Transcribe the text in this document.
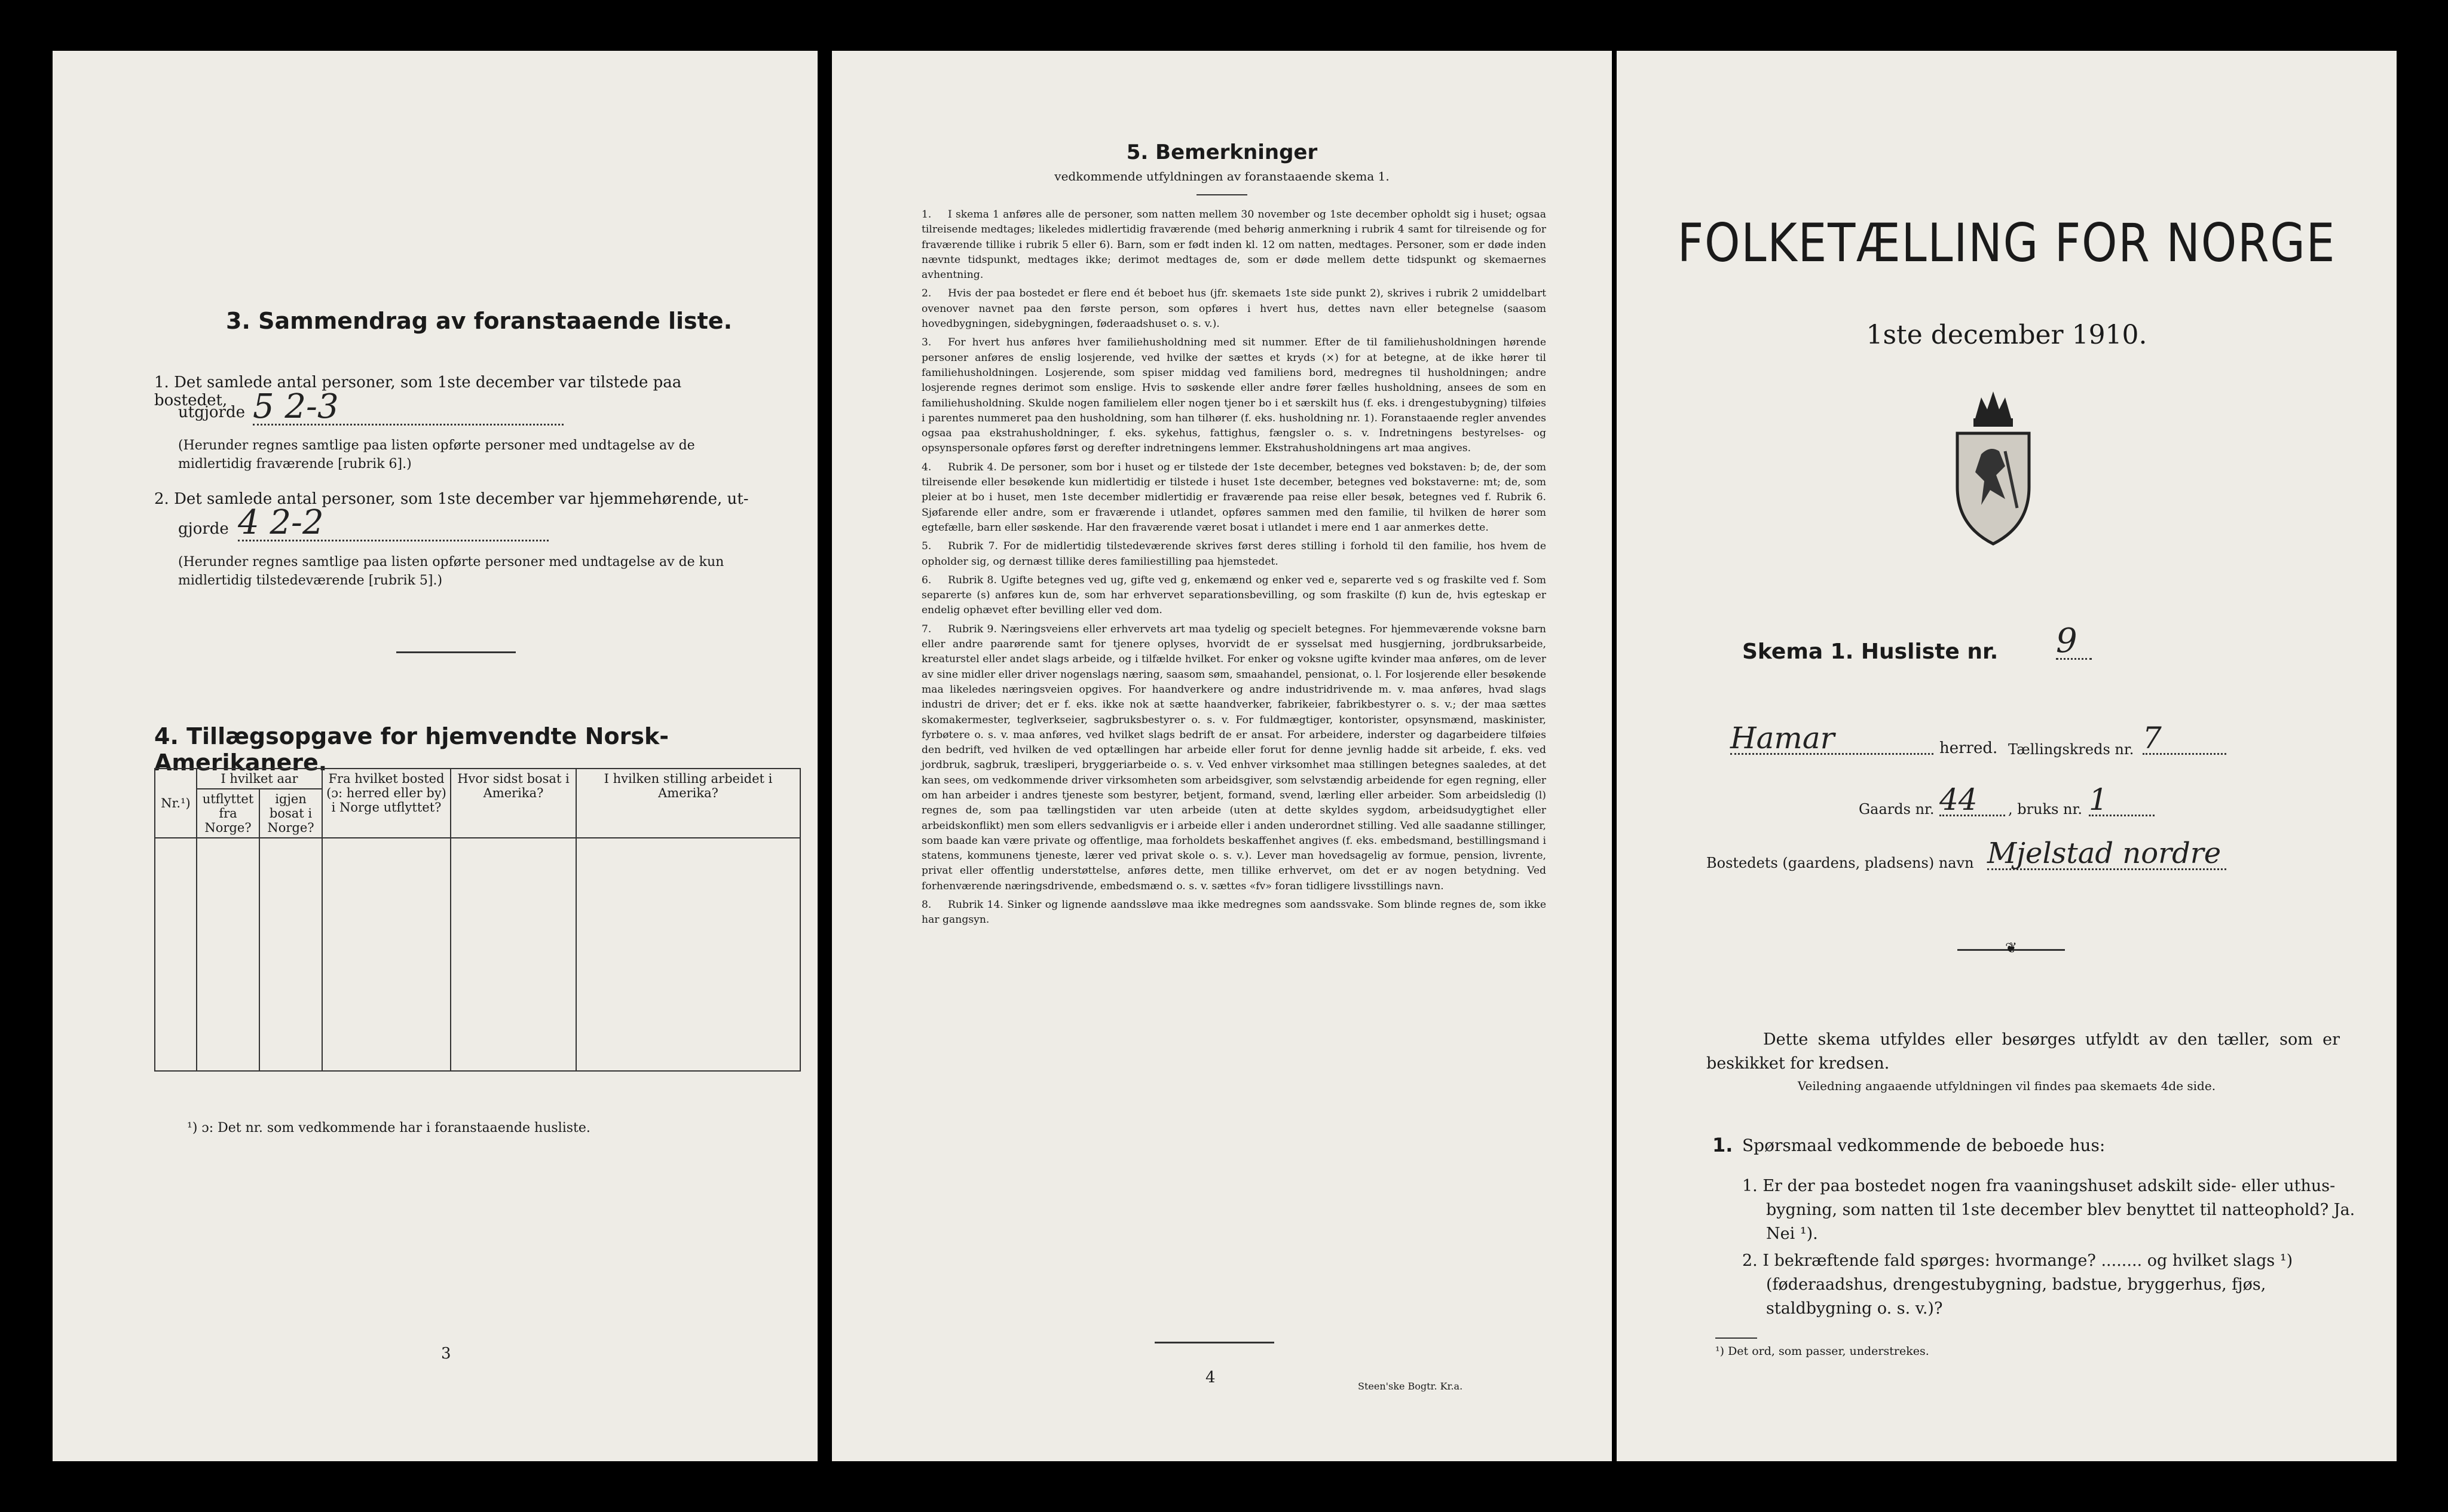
3. Sammendrag av foranstaaende liste.
1. Det samlede antal personer, som 1ste december var tilstede paa bostedet,
utgjorde 5 2-3
(Herunder regnes samtlige paa listen opførte personer med undtagelse av de midlertidig fraværende [rubrik 6].)
2. Det samlede antal personer, som 1ste december var hjemmehørende, ut-
gjorde 4 2-2
(Herunder regnes samtlige paa listen opførte personer med undtagelse av de kun midlertidig tilstedeværende [rubrik 5].)
4. Tillægsopgave for hjemvendte Norsk-Amerikanere.
Nr.¹)	I hvilket aar		Fra hvilket bosted (ɔ: herred eller by) i Norge utflyttet?	Hvor sidst bosat i Amerika?	I hvilken stilling arbeidet i Amerika?
	utflyttet fra Norge?	igjen bosat i Norge?			

¹) ɔ: Det nr. som vedkommende har i foranstaaende husliste.
3
5. Bemerkninger
vedkommende utfyldningen av foranstaaende skema 1.

1. I skema 1 anføres alle de personer, som natten mellem 30 november og 1ste december opholdt sig i huset; ogsaa tilreisende medtages; likeledes midlertidig fraværende (med behørig anmerkning i rubrik 4 samt for tilreisende og for fraværende tillike i rubrik 5 eller 6). Barn, som er født inden kl. 12 om natten, medtages. Personer, som er døde inden nævnte tidspunkt, medtages ikke; derimot medtages de, som er døde mellem dette tidspunkt og skemaernes avhentning.

2. Hvis der paa bostedet er flere end ét beboet hus (jfr. skemaets 1ste side punkt 2), skrives i rubrik 2 umiddelbart ovenover navnet paa den første person, som opføres i hvert hus, dettes navn eller betegnelse (saasom hovedbygningen, sidebygningen, føderaadshuset o. s. v.).

3. For hvert hus anføres hver familiehusholdning med sit nummer. Efter de til familiehusholdningen hørende personer anføres de enslig losjerende, ved hvilke der sættes et kryds (×) for at betegne, at de ikke hører til familiehusholdningen. Losjerende, som spiser middag ved familiens bord, medregnes til husholdningen; andre losjerende regnes derimot som enslige. Hvis to søskende eller andre fører fælles husholdning, ansees de som en familiehusholdning. Skulde nogen familielem eller nogen tjener bo i et særskilt hus (f. eks. i drengestubygning) tilføies i parentes nummeret paa den husholdning, som han tilhører (f. eks. husholdning nr. 1). Foranstaaende regler anvendes ogsaa paa ekstrahusholdninger, f. eks. sykehus, fattighus, fængsler o. s. v. Indretningens bestyrelses- og opsynspersonale opføres først og derefter indretningens lemmer. Ekstrahusholdningens art maa angives.

4. Rubrik 4. De personer, som bor i huset og er tilstede der 1ste december, betegnes ved bokstaven: b; de, der som tilreisende eller besøkende kun midlertidig er tilstede i huset 1ste december, betegnes ved bokstaverne: mt; de, som pleier at bo i huset, men 1ste december midlertidig er fraværende paa reise eller besøk, betegnes ved f. Rubrik 6. Sjøfarende eller andre, som er fraværende i utlandet, opføres sammen med den familie, til hvilken de hører som egtefælle, barn eller søskende. Har den fraværende været bosat i utlandet i mere end 1 aar anmerkes dette.

5. Rubrik 7. For de midlertidig tilstedeværende skrives først deres stilling i forhold til den familie, hos hvem de opholder sig, og dernæst tillike deres familiestilling paa hjemstedet.

6. Rubrik 8. Ugifte betegnes ved ug, gifte ved g, enkemænd og enker ved e, separerte ved s og fraskilte ved f. Som separerte (s) anføres kun de, som har erhvervet separationsbevilling, og som fraskilte (f) kun de, hvis egteskap er endelig ophævet efter bevilling eller ved dom.

7. Rubrik 9. Næringsveiens eller erhvervets art maa tydelig og specielt betegnes. For hjemmeværende voksne barn eller andre paarørende samt for tjenere oplyses, hvorvidt de er sysselsat med husgjerning, jordbruksarbeide, kreaturstel eller andet slags arbeide, og i tilfælde hvilket. For enker og voksne ugifte kvinder maa anføres, om de lever av sine midler eller driver nogenslags næring, saasom søm, smaahandel, pensionat, o. l. For losjerende eller besøkende maa likeledes næringsveien opgives. For haandverkere og andre industridrivende m. v. maa anføres, hvad slags industri de driver; det er f. eks. ikke nok at sætte haandverker, fabrikeier, fabrikbestyrer o. s. v.; der maa sættes skomakermester, teglverkseier, sagbruksbestyrer o. s. v. For fuldmægtiger, kontorister, opsynsmænd, maskinister, fyrbøtere o. s. v. maa anføres, ved hvilket slags bedrift de er ansat. For arbeidere, inderster og dagarbeidere tilføies den bedrift, ved hvilken de ved optællingen har arbeide eller forut for denne jevnlig hadde sit arbeide, f. eks. ved jordbruk, sagbruk, træsliperi, bryggeriarbeide o. s. v. Ved enhver virksomhet maa stillingen betegnes saaledes, at det kan sees, om vedkommende driver virksomheten som arbeidsgiver, som selvstændig arbeidende for egen regning, eller om han arbeider i andres tjeneste som bestyrer, betjent, formand, svend, lærling eller arbeider. Som arbeidsledig (l) regnes de, som paa tællingstiden var uten arbeide (uten at dette skyldes sygdom, arbeidsudygtighet eller arbeidskonflikt) men som ellers sedvanligvis er i arbeide eller i anden underordnet stilling. Ved alle saadanne stillinger, som baade kan være private og offentlige, maa forholdets beskaffenhet angives (f. eks. embedsmand, bestillingsmand i statens, kommunens tjeneste, lærer ved privat skole o. s. v.). Lever man hovedsagelig av formue, pension, livrente, privat eller offentlig understøttelse, anføres dette, men tillike erhvervet, om det er av nogen betydning. Ved forhenværende næringsdrivende, embedsmænd o. s. v. sættes «fv» foran tidligere livsstillings navn.

8. Rubrik 14. Sinker og lignende aandssløve maa ikke medregnes som aandssvake. Som blinde regnes de, som ikke har gangsyn.

4	Steen'ske Bogtr. Kr.a.
FOLKETÆLLING FOR NORGE
1ste december 1910.
Skema 1. Husliste nr. 9
Hamar	herred. Tællingskreds nr. 7
Gaards nr. 44	, bruks nr. 1
Bostedets (gaardens, pladsens) navn Mjelstad nordre
❦
Dette skema utfyldes eller besørges utfyldt av den tæller, som er beskikket for kredsen.
Veiledning angaaende utfyldningen vil findes paa skemaets 4de side.
1. Spørsmaal vedkommende de beboede hus:
1. Er der paa bostedet nogen fra vaaningshuset adskilt side- eller uthus-bygning, som natten til 1ste december blev benyttet til natteophold? Ja. Nei ¹).
2. I bekræftende fald spørges: hvormange? ........ og hvilket slags ¹) (føderaadshus, drengestubygning, badstue, bryggerhus, fjøs, staldbygning o. s. v.)?
¹) Det ord, som passer, understrekes.
